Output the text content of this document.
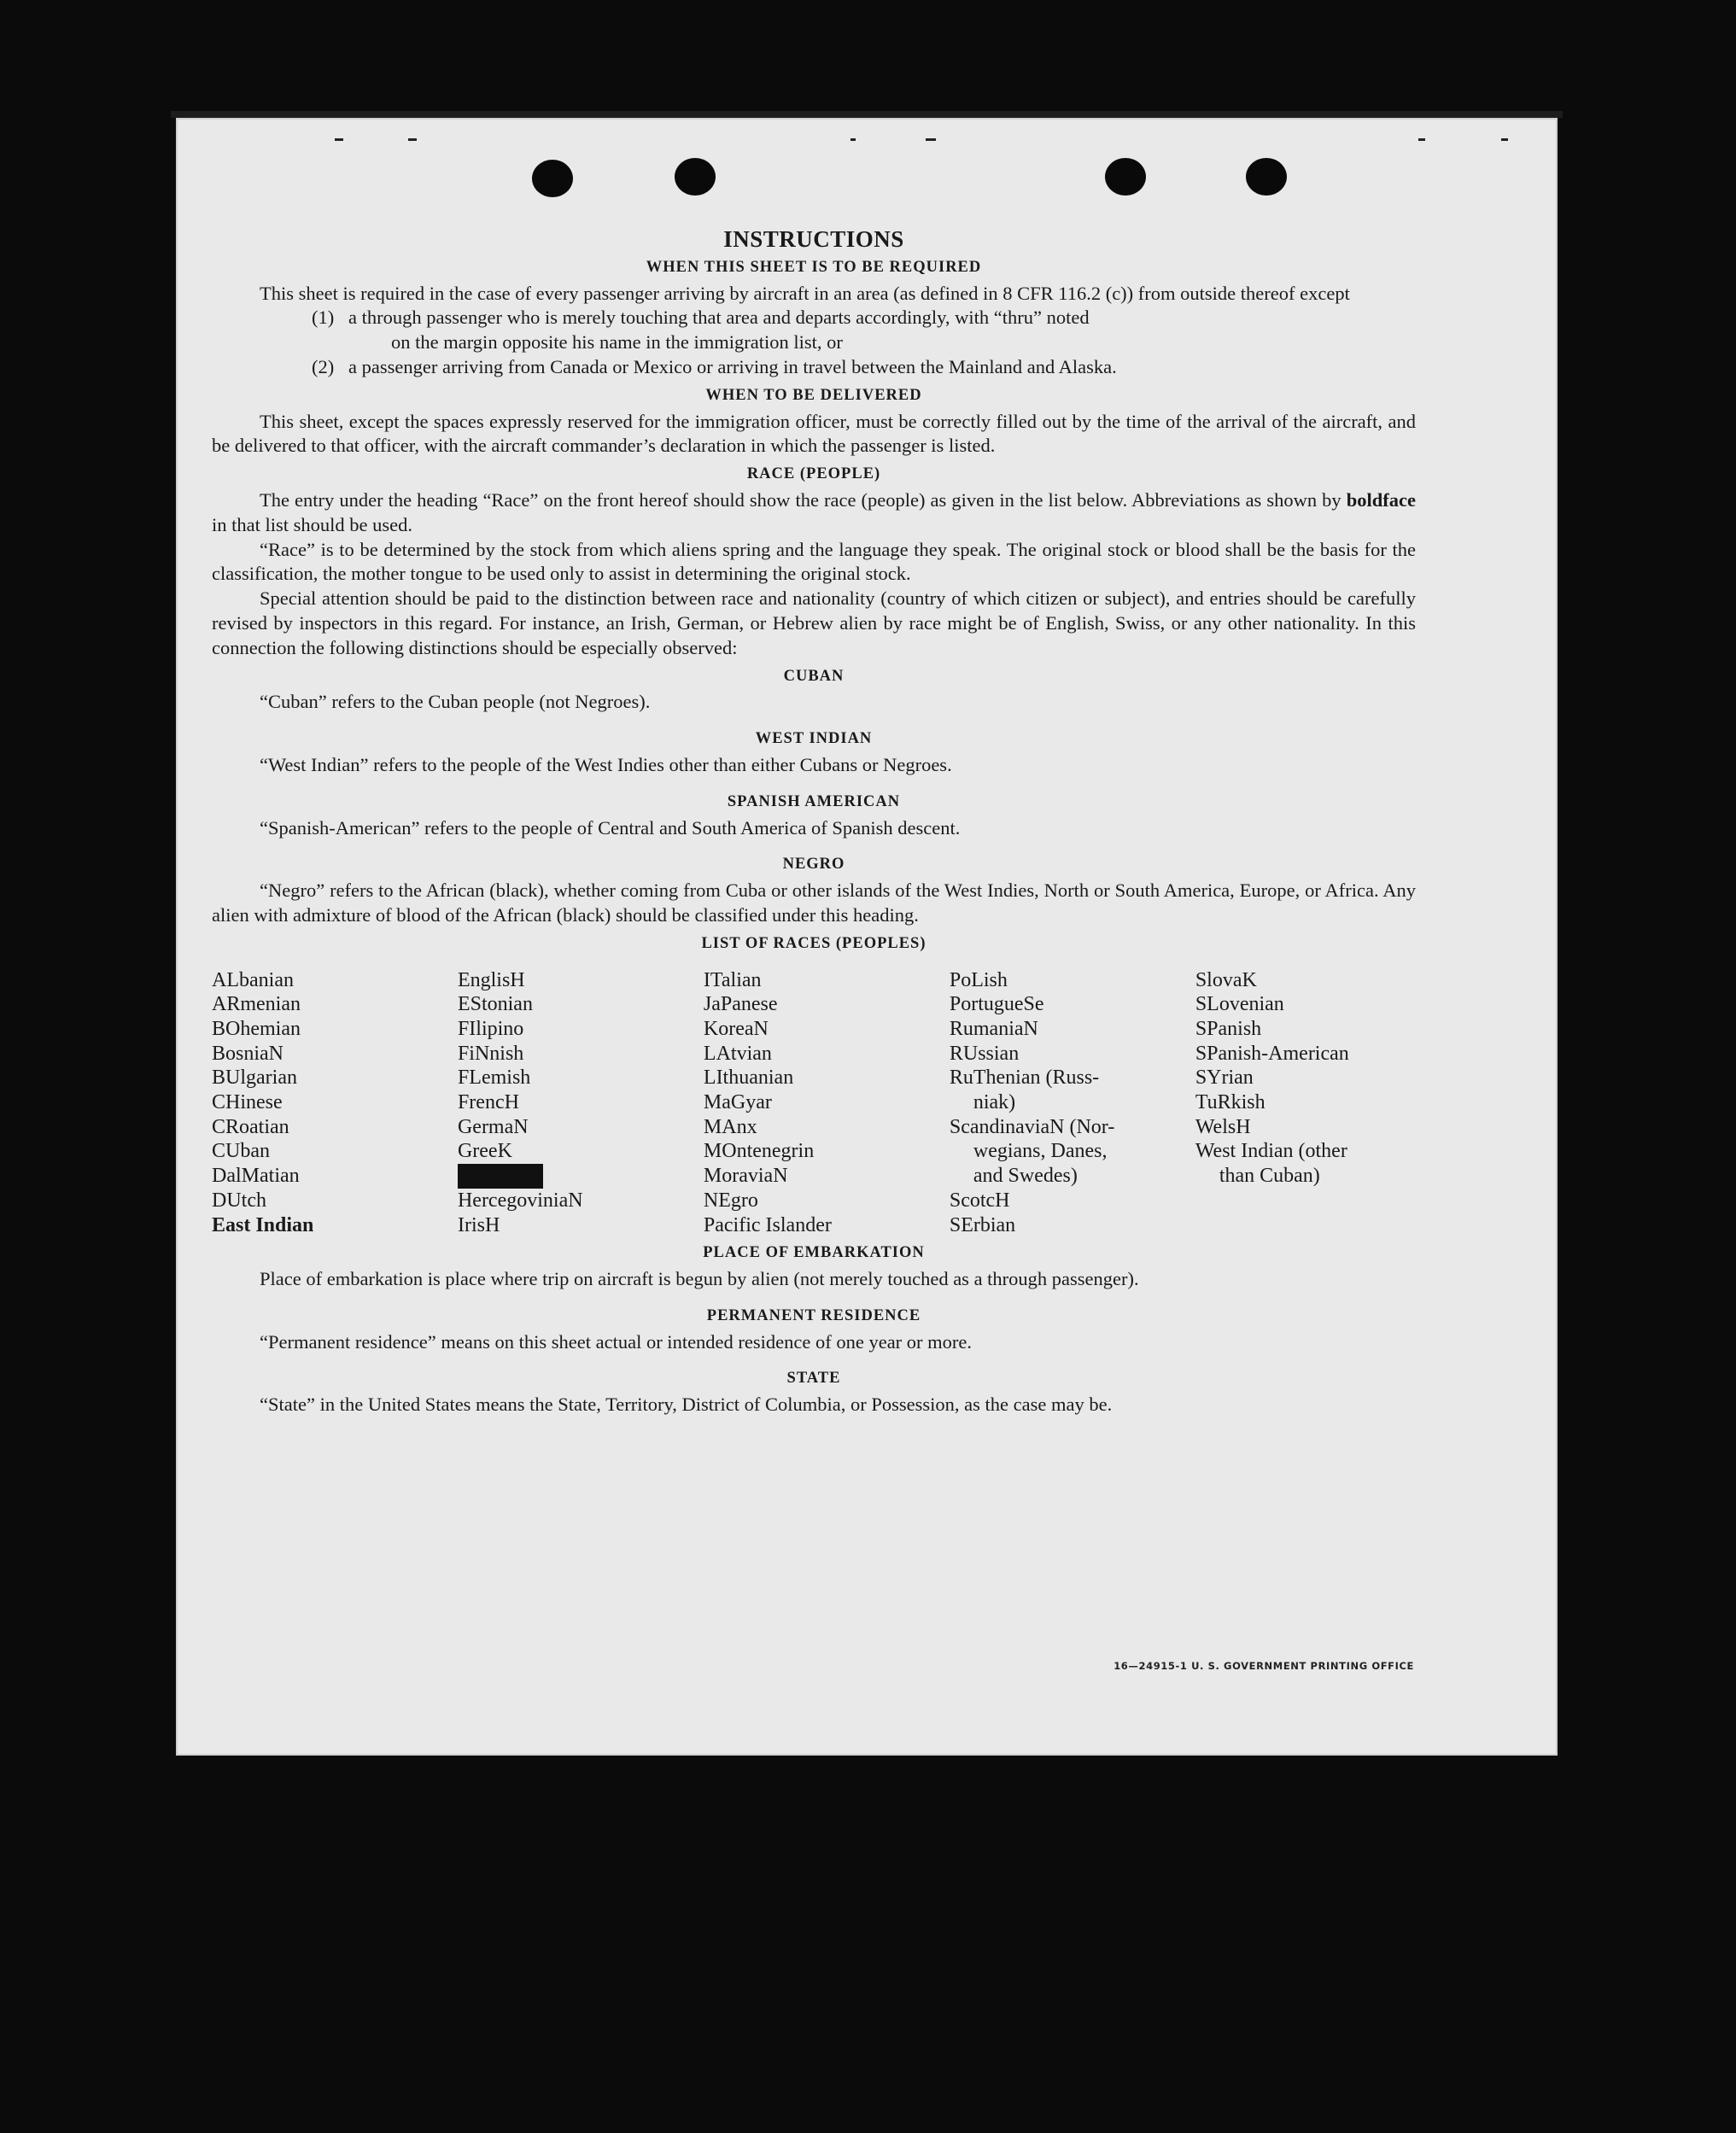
INSTRUCTIONS
WHEN THIS SHEET IS TO BE REQUIRED

This sheet is required in the case of every passenger arriving by aircraft in an area (as defined in 8 CFR 116.2 (c)) from outside thereof except

(1) a through passenger who is merely touching that area and departs accordingly, with “thru” noted
on the margin opposite his name in the immigration list, or

(2) a passenger arriving from Canada or Mexico or arriving in travel between the Mainland and Alaska.

WHEN TO BE DELIVERED

This sheet, except the spaces expressly reserved for the immigration officer, must be correctly filled out by the time of the arrival of the aircraft, and be delivered to that officer, with the aircraft commander’s declaration in which the passenger is listed.

RACE (PEOPLE)

The entry under the heading “Race” on the front hereof should show the race (people) as given in the list below. Abbreviations as shown by boldface in that list should be used.

“Race” is to be determined by the stock from which aliens spring and the language they speak. The original stock or blood shall be the basis for the classification, the mother tongue to be used only to assist in determining the original stock.

Special attention should be paid to the distinction between race and nationality (country of which citizen or subject), and entries should be carefully revised by inspectors in this regard. For instance, an Irish, German, or Hebrew alien by race might be of English, Swiss, or any other nationality. In this connection the following distinctions should be especially observed:

CUBAN

“Cuban” refers to the Cuban people (not Negroes).

WEST INDIAN

“West Indian” refers to the people of the West Indies other than either Cubans or Negroes.

SPANISH AMERICAN

“Spanish-American” refers to the people of Central and South America of Spanish descent.

NEGRO

“Negro” refers to the African (black), whether coming from Cuba or other islands of the West Indies, North or South America, Europe, or Africa. Any alien with admixture of blood of the African (black) should be classified under this heading.

LIST OF RACES (PEOPLES)
ALbanian
ARmenian
BOhemian
BosniaN
BUlgarian
CHinese
CRoatian
CUban
DalMatian
DUtch
East Indian
EnglisH
EStonian
FIlipino
FiNnish
FLemish
FrencH
GermaN
GreeK
HebreW
HercegoviniaN
IrisH
ITalian
JaPanese
KoreaN
LAtvian
LIthuanian
MaGyar
MAnx
MOntenegrin
MoraviaN
NEgro
Pacific Islander
PoLish
PortugueSe
RumaniaN
RUssian
RuThenian (Russ-
niak)
ScandinaviaN (Nor-
wegians, Danes,
and Swedes)
ScotcH
SErbian
SlovaK
SLovenian
SPanish
SPanish-American
SYrian
TuRkish
WelsH
West Indian (other
than Cuban)
PLACE OF EMBARKATION

Place of embarkation is place where trip on aircraft is begun by alien (not merely touched as a through passenger).

PERMANENT RESIDENCE

“Permanent residence” means on this sheet actual or intended residence of one year or more.

STATE

“State” in the United States means the State, Territory, District of Columbia, or Possession, as the case may be.

16—24915-1 U. S. GOVERNMENT PRINTING OFFICE
